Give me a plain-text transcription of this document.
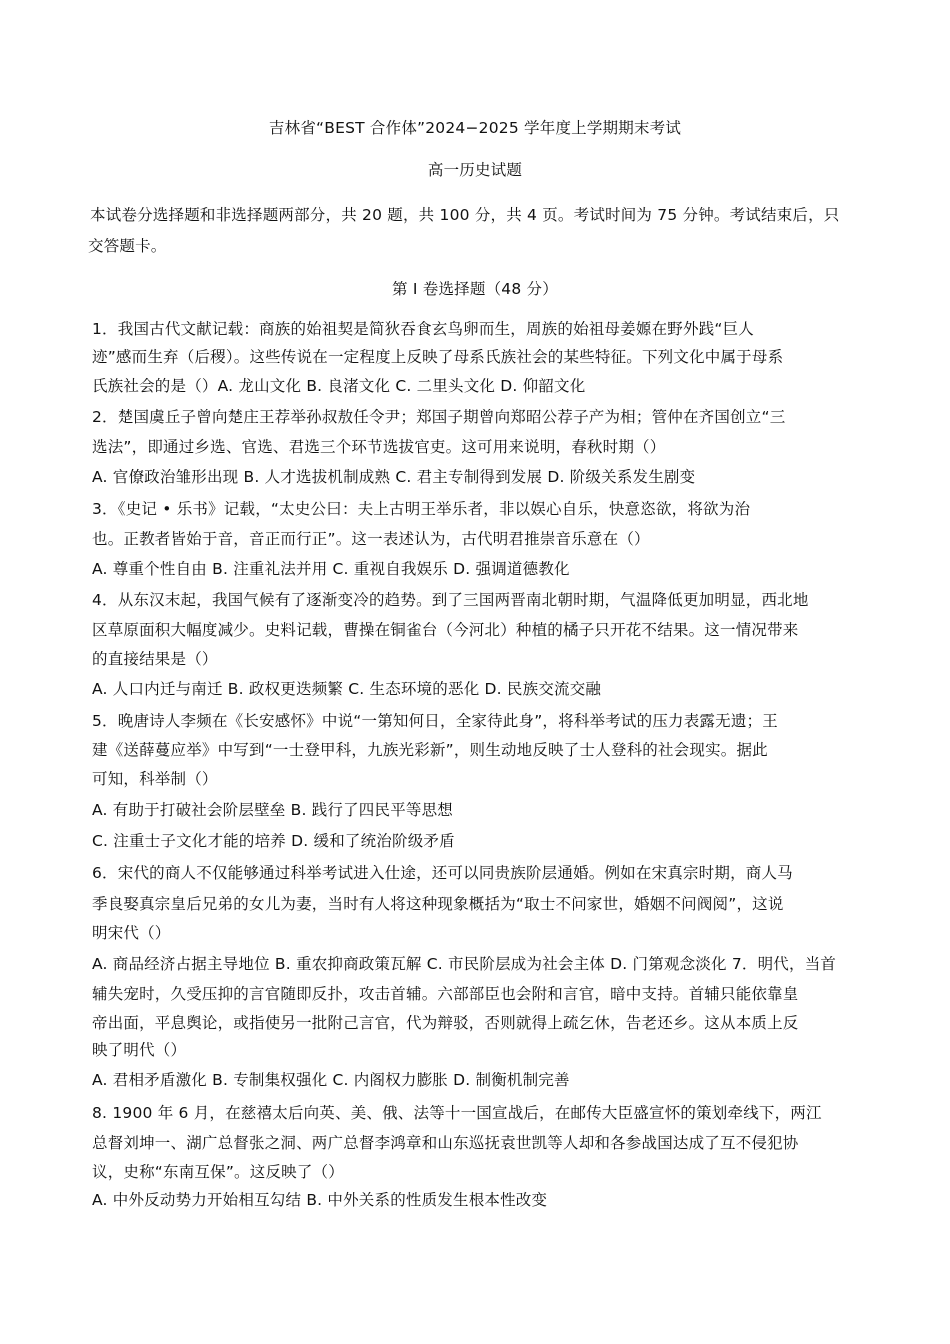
吉林省“BEST 合作体”2024−2025 学年度上学期期末考试
高一历史试题
本试卷分选择题和非选择题两部分，共 20 题，共 100 分，共 4 页。考试时间为 75 分钟。考试结束后，只
交答题卡。
第 I 卷选择题（48 分）
1．我国古代文献记载：商族的始祖契是简狄吞食玄鸟卵而生，周族的始祖母姜嫄在野外践“巨人
迹”感而生弃（后稷）。这些传说在一定程度上反映了母系氏族社会的某些特征。下列文化中属于母系
氏族社会的是（）A. 龙山文化 B. 良渚文化 C. 二里头文化 D. 仰韶文化
2．楚国虞丘子曾向楚庄王荐举孙叔敖任令尹；郑国子期曾向郑昭公荐子产为相；管仲在齐国创立“三
选法”，即通过乡选、官选、君选三个环节选拔官吏。这可用来说明，春秋时期（）
A. 官僚政治雏形出现 B. 人才选拔机制成熟 C. 君主专制得到发展 D. 阶级关系发生剧变
3．《史记 • 乐书》记载，“太史公曰：夫上古明王举乐者，非以娱心自乐，快意恣欲，将欲为治
也。正教者皆始于音，音正而行正”。这一表述认为，古代明君推崇音乐意在（）
A. 尊重个性自由 B. 注重礼法并用 C. 重视自我娱乐 D. 强调道德教化
4．从东汉末起，我国气候有了逐渐变冷的趋势。到了三国两晋南北朝时期，气温降低更加明显，西北地
区草原面积大幅度减少。史料记载，曹操在铜雀台（今河北）种植的橘子只开花不结果。这一情况带来
的直接结果是（）
A. 人口内迁与南迁 B. 政权更迭频繁 C. 生态环境的恶化 D. 民族交流交融
5．晚唐诗人李频在《长安感怀》中说“一第知何日，全家待此身”，将科举考试的压力表露无遗；王
建《送薛蔓应举》中写到“一士登甲科，九族光彩新”，则生动地反映了士人登科的社会现实。据此
可知，科举制（）
A. 有助于打破社会阶层壁垒 B. 践行了四民平等思想
C. 注重士子文化才能的培养 D. 缓和了统治阶级矛盾
6．宋代的商人不仅能够通过科举考试进入仕途，还可以同贵族阶层通婚。例如在宋真宗时期，商人马
季良娶真宗皇后兄弟的女儿为妻，当时有人将这种现象概括为“取士不问家世，婚姻不问阀阅”，这说
明宋代（）
A. 商品经济占据主导地位 B. 重农抑商政策瓦解 C. 市民阶层成为社会主体 D. 门第观念淡化 7．明代，当首
辅失宠时，久受压抑的言官随即反扑，攻击首辅。六部部臣也会附和言官，暗中支持。首辅只能依靠皇
帝出面，平息舆论，或指使另一批附己言官，代为辩驳，否则就得上疏乞休，告老还乡。这从本质上反
映了明代（）
A. 君相矛盾激化 B. 专制集权强化 C. 内阁权力膨胀 D. 制衡机制完善
8. 1900 年 6 月，在慈禧太后向英、美、俄、法等十一国宣战后，在邮传大臣盛宣怀的策划牵线下，两江
总督刘坤一、湖广总督张之洞、两广总督李鸿章和山东巡抚袁世凯等人却和各参战国达成了互不侵犯协
议，史称“东南互保”。这反映了（）
A. 中外反动势力开始相互勾结 B. 中外关系的性质发生根本性改变
